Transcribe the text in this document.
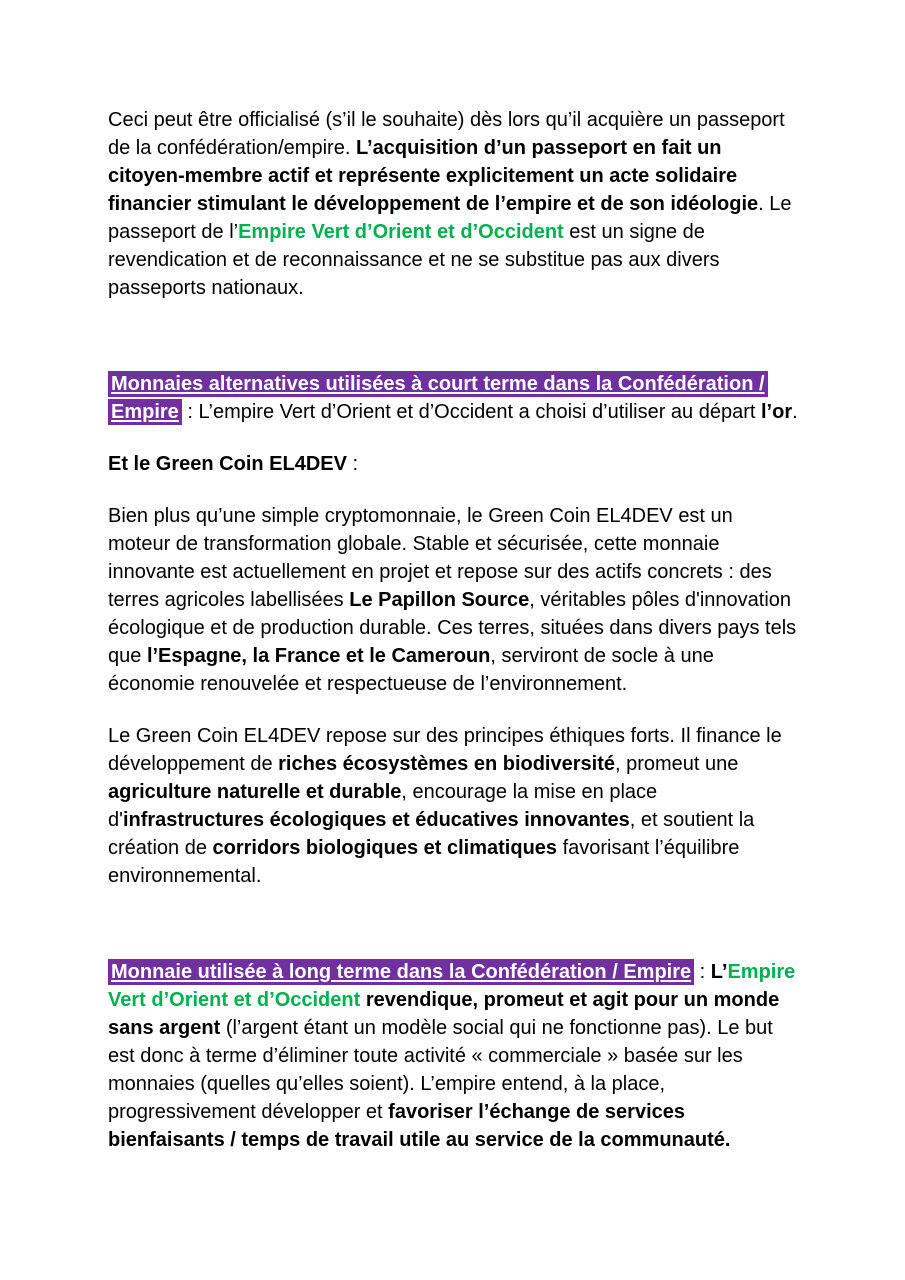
Ceci peut être officialisé (s’il le souhaite) dès lors qu’il acquière un passeport de la confédération/empire. L’acquisition d’un passeport en fait un citoyen-membre actif et représente explicitement un acte solidaire financier stimulant le développement de l’empire et de son idéologie. Le passeport de l’Empire Vert d’Orient et d’Occident est un signe de revendication et de reconnaissance et ne se substitue pas aux divers passeports nationaux.

Monnaies alternatives utilisées à court terme dans la Confédération / Empire : L’empire Vert d’Orient et d’Occident a choisi d’utiliser au départ l’or.

Et le Green Coin EL4DEV :

Bien plus qu’une simple cryptomonnaie, le Green Coin EL4DEV est un moteur de transformation globale. Stable et sécurisée, cette monnaie innovante est actuellement en projet et repose sur des actifs concrets : des terres agricoles labellisées Le Papillon Source, véritables pôles d'innovation écologique et de production durable. Ces terres, situées dans divers pays tels que l’Espagne, la France et le Cameroun, serviront de socle à une économie renouvelée et respectueuse de l’environnement.

Le Green Coin EL4DEV repose sur des principes éthiques forts. Il finance le développement de riches écosystèmes en biodiversité, promeut une agriculture naturelle et durable, encourage la mise en place d'infrastructures écologiques et éducatives innovantes, et soutient la création de corridors biologiques et climatiques favorisant l’équilibre environnemental.

Monnaie utilisée à long terme dans la Confédération / Empire : L’Empire Vert d’Orient et d’Occident revendique, promeut et agit pour un monde sans argent (l’argent étant un modèle social qui ne fonctionne pas). Le but est donc à terme d’éliminer toute activité « commerciale » basée sur les monnaies (quelles qu’elles soient). L’empire entend, à la place, progressivement développer et favoriser l’échange de services bienfaisants / temps de travail utile au service de la communauté.
